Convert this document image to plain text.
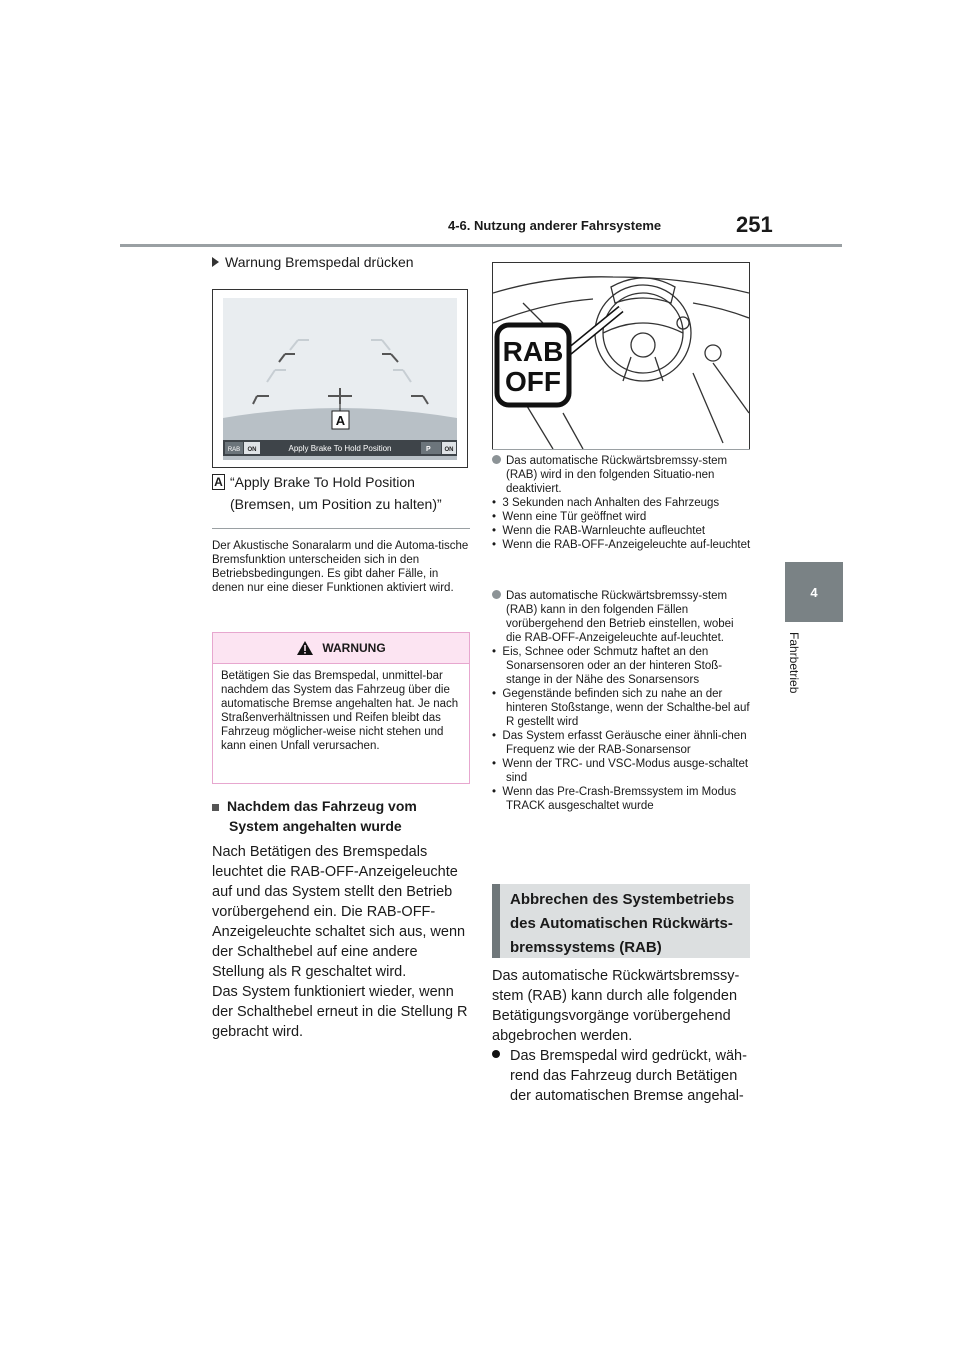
4-6. Nutzung anderer Fahrsysteme	251
4
Fahrbetrieb
Warnung Bremspedal drücken
A
RAB ON	Apply Brake To Hold Position	P ON
A “Apply Brake To Hold Position
(Bremsen, um Position zu halten)”
Der Akustische Sonaralarm und die Automa-tische Bremsfunktion unterscheiden sich in den Betriebsbedingungen. Es gibt daher Fälle, in denen nur eine dieser Funktionen aktiviert wird.
WARNUNG
Betätigen Sie das Bremspedal, unmittel-bar nachdem das System das Fahrzeug über die automatische Bremse angehalten hat. Je nach Straßenverhältnissen und Reifen bleibt das Fahrzeug möglicher-weise nicht stehen und kann einen Unfall verursachen.
Nachdem das Fahrzeug vom
System angehalten wurde
Nach Betätigen des Bremspedals leuchtet die RAB-OFF-Anzeigeleuchte auf und das System stellt den Betrieb vorübergehend ein. Die RAB-OFF-Anzeigeleuchte schaltet sich aus, wenn der Schalthebel auf eine andere Stellung als R geschaltet wird.
Das System funktioniert wieder, wenn der Schalthebel erneut in die Stellung R gebracht wird.
RAB
OFF
Das automatische Rückwärtsbremssy-stem (RAB) wird in den folgenden Situatio-nen deaktiviert.
•  3 Sekunden nach Anhalten des Fahrzeugs
•  Wenn eine Tür geöffnet wird
•  Wenn die RAB-Warnleuchte aufleuchtet
•  Wenn die RAB-OFF-Anzeigeleuchte auf-leuchtet
Das automatische Rückwärtsbremssy-stem (RAB) kann in den folgenden Fällen vorübergehend den Betrieb einstellen, wobei die RAB-OFF-Anzeigeleuchte auf-leuchtet.
•  Eis, Schnee oder Schmutz haftet an den Sonarsensoren oder an der hinteren Stoß-stange in der Nähe des Sonarsensors
•  Gegenstände befinden sich zu nahe an der hinteren Stoßstange, wenn der Schalthe-bel auf R gestellt wird
•  Das System erfasst Geräusche einer ähnli-chen Frequenz wie der RAB-Sonarsensor
•  Wenn der TRC- und VSC-Modus ausge-schaltet sind
•  Wenn das Pre-Crash-Bremssystem im Modus TRACK ausgeschaltet wurde
Abbrechen des Systembetriebs
des Automatischen Rückwärts-
bremssystems (RAB)
Das automatische Rückwärtsbremssy-stem (RAB) kann durch alle folgenden Betätigungsvorgänge vorübergehend abgebrochen werden.
Das Bremspedal wird gedrückt, wäh-
rend das Fahrzeug durch Betätigen
der automatischen Bremse angehal-
